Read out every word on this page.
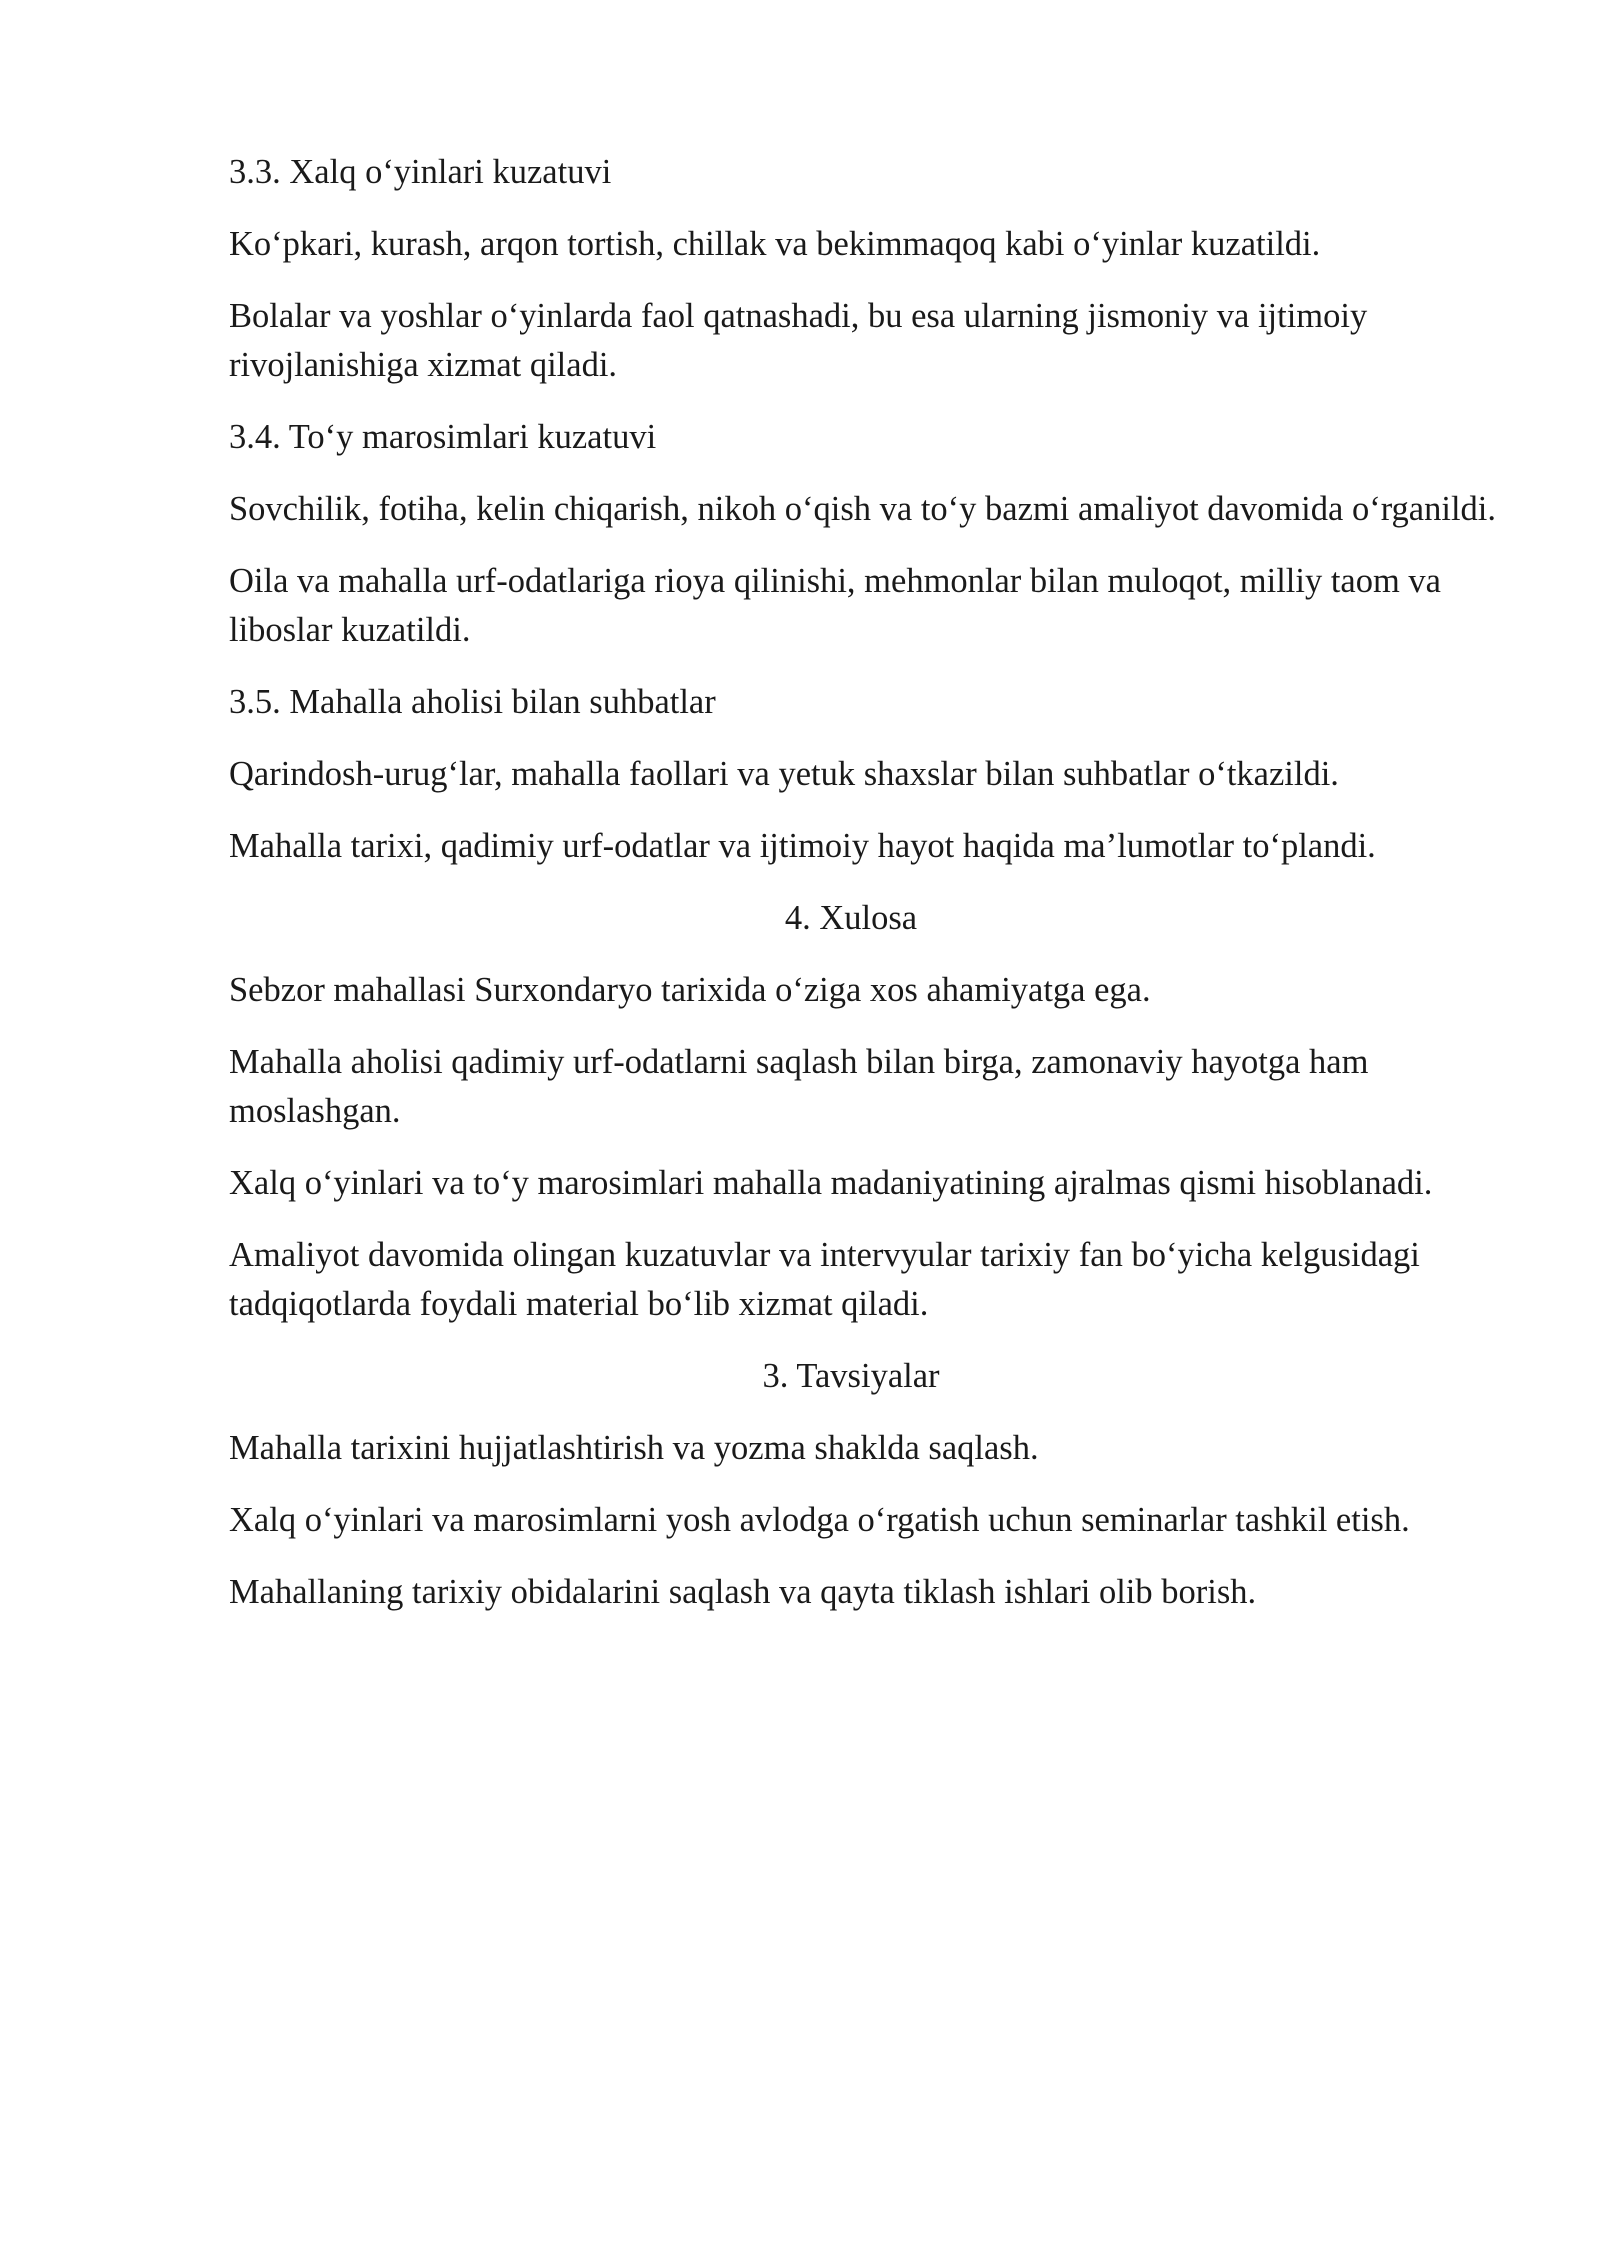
3.3. Xalq o‘yinlari kuzatuvi

Ko‘pkari, kurash, arqon tortish, chillak va bekimmaqoq kabi o‘yinlar kuzatildi.

Bolalar va yoshlar o‘yinlarda faol qatnashadi, bu esa ularning jismoniy va ijtimoiy rivojlanishiga xizmat qiladi.

3.4. To‘y marosimlari kuzatuvi

Sovchilik, fotiha, kelin chiqarish, nikoh o‘qish va to‘y bazmi amaliyot davomida o‘rganildi.

Oila va mahalla urf-odatlariga rioya qilinishi, mehmonlar bilan muloqot, milliy taom va liboslar kuzatildi.

3.5. Mahalla aholisi bilan suhbatlar

Qarindosh-urug‘lar, mahalla faollari va yetuk shaxslar bilan suhbatlar o‘tkazildi.

Mahalla tarixi, qadimiy urf-odatlar va ijtimoiy hayot haqida ma’lumotlar to‘plandi.

4. Xulosa

Sebzor mahallasi Surxondaryo tarixida o‘ziga xos ahamiyatga ega.

Mahalla aholisi qadimiy urf-odatlarni saqlash bilan birga, zamonaviy hayotga ham moslashgan.

Xalq o‘yinlari va to‘y marosimlari mahalla madaniyatining ajralmas qismi hisoblanadi.

Amaliyot davomida olingan kuzatuvlar va intervyular tarixiy fan bo‘yicha kelgusidagi tadqiqotlarda foydali material bo‘lib xizmat qiladi.

3. Tavsiyalar

Mahalla tarixini hujjatlashtirish va yozma shaklda saqlash.

Xalq o‘yinlari va marosimlarni yosh avlodga o‘rgatish uchun seminarlar tashkil etish.

Mahallaning tarixiy obidalarini saqlash va qayta tiklash ishlari olib borish.
